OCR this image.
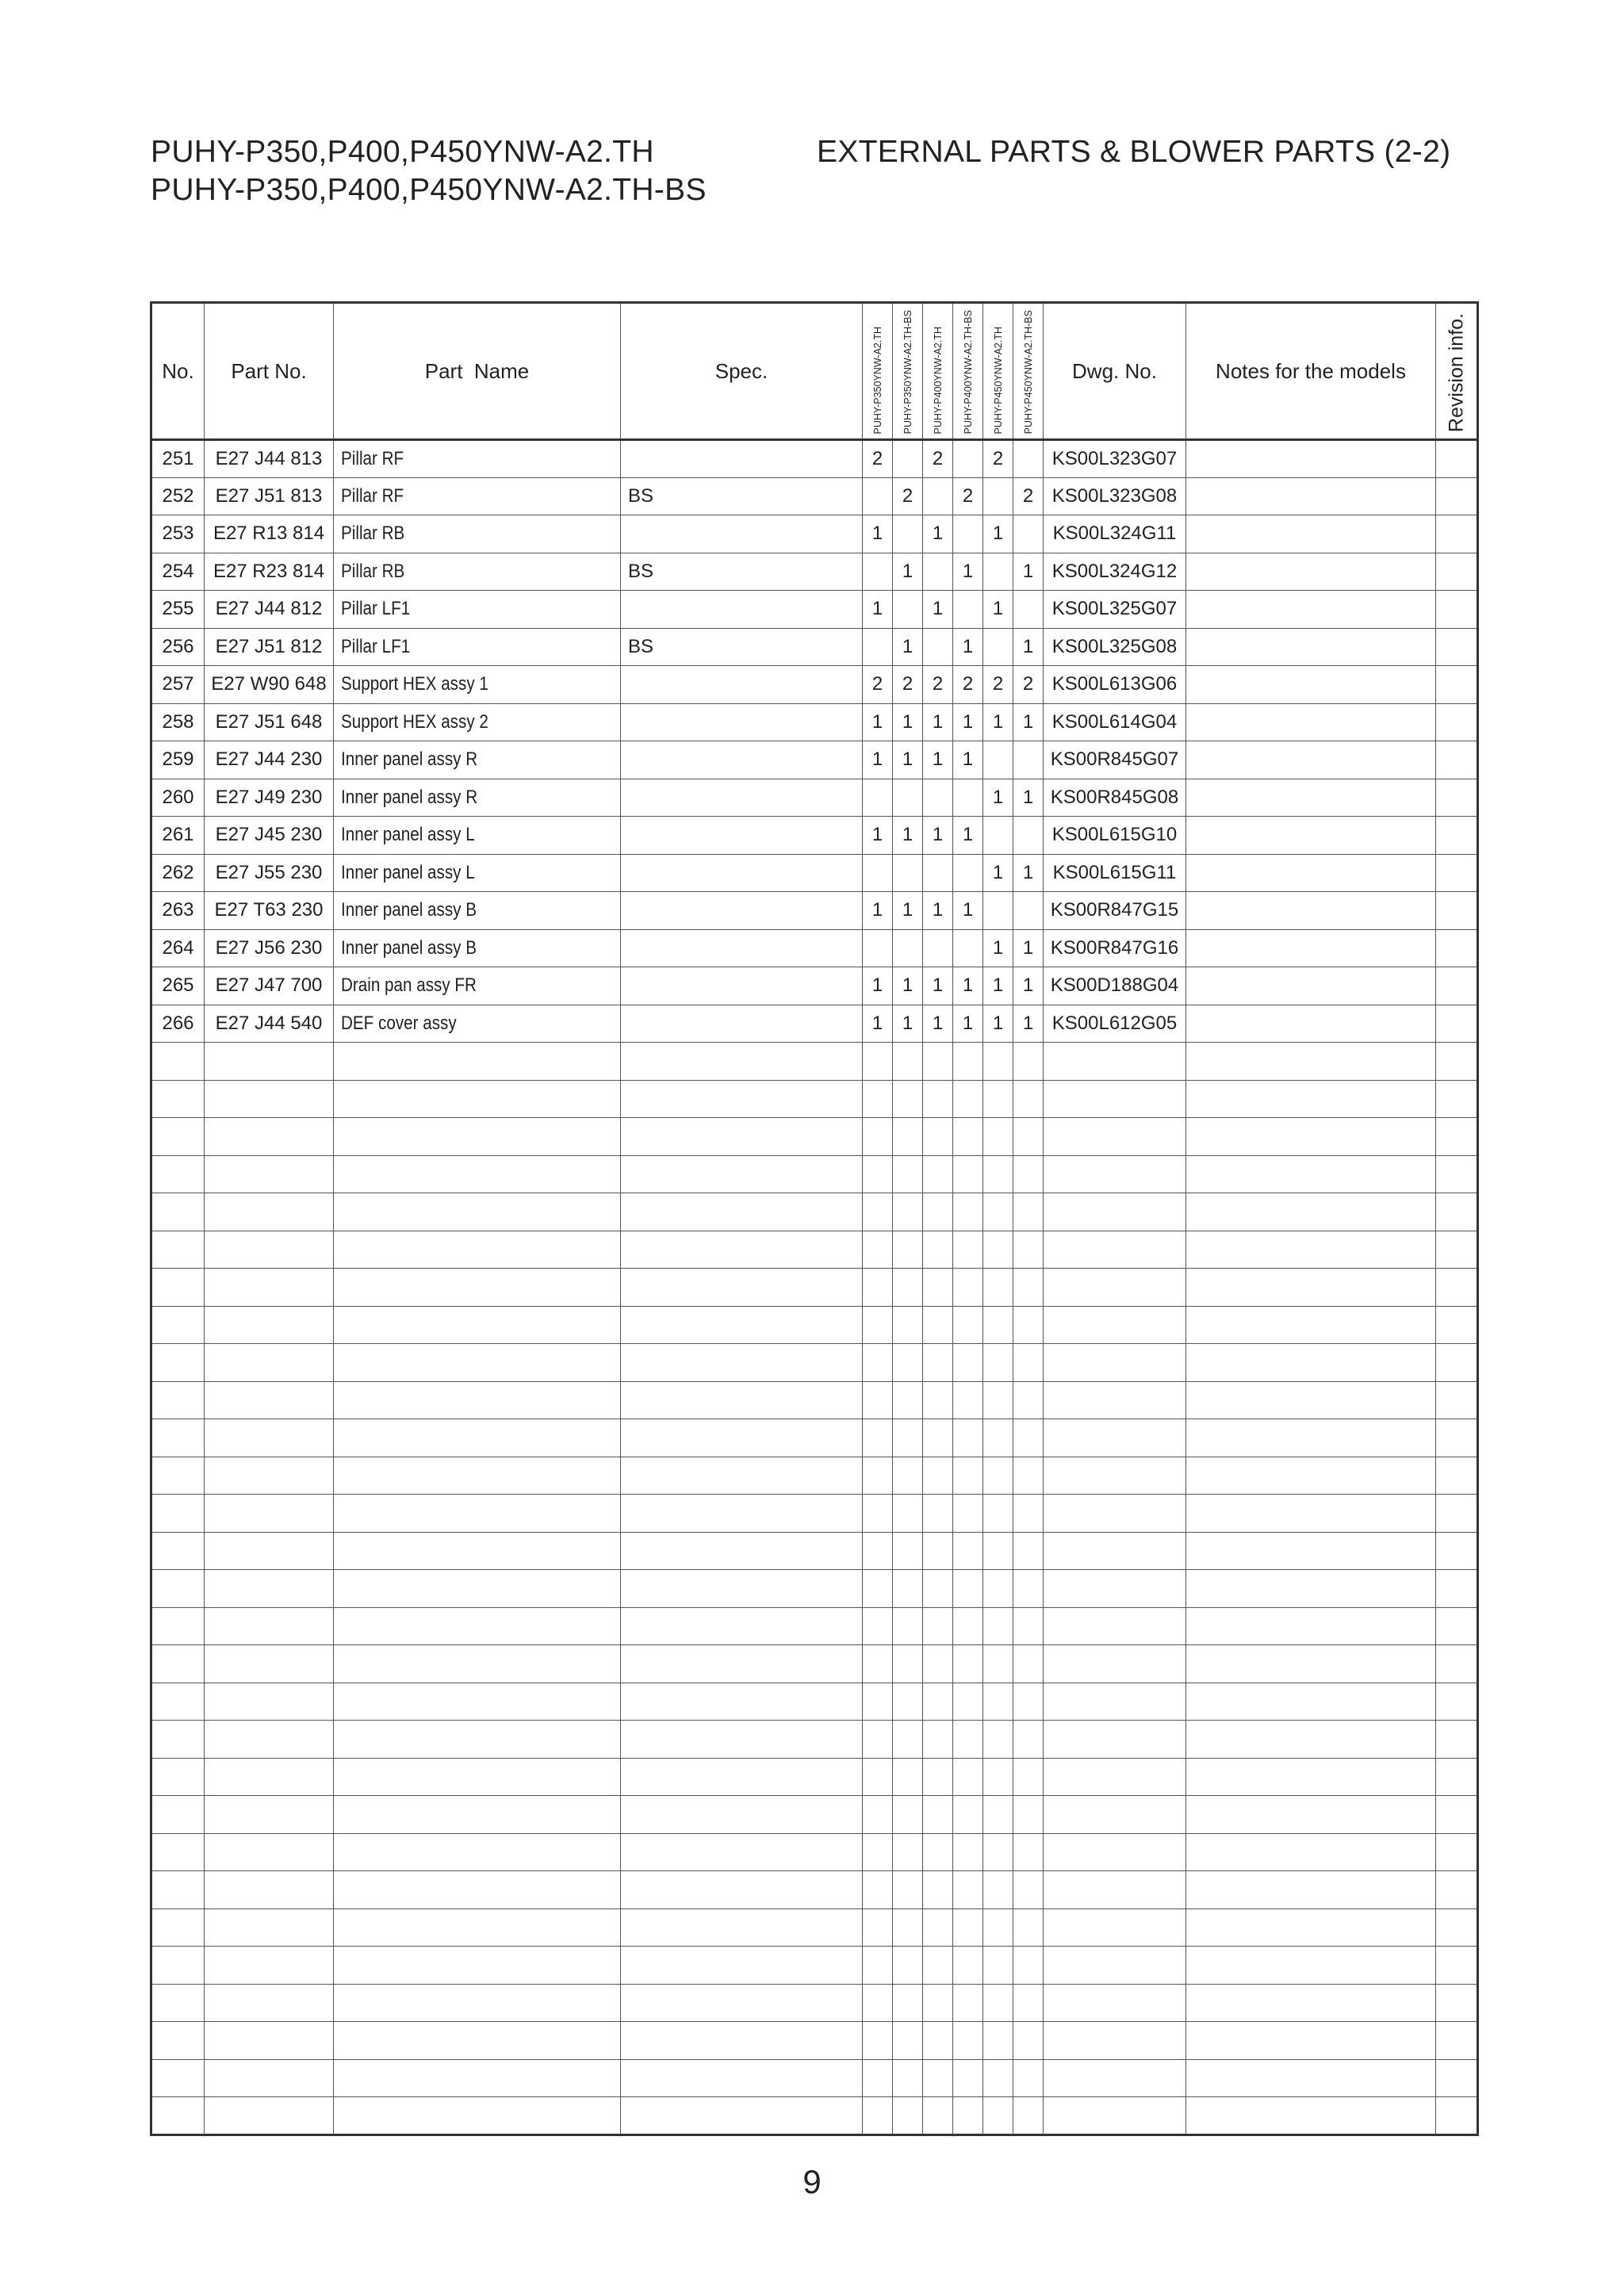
PUHY-P350,P400,P450YNW-A2.TH
PUHY-P350,P400,P450YNW-A2.TH-BS
EXTERNAL PARTS & BLOWER PARTS (2-2)
No.	Part No.	Part  Name	Spec.	PUHY-P350YNW-A2.TH	PUHY-P350YNW-A2.TH-BS	PUHY-P400YNW-A2.TH	PUHY-P400YNW-A2.TH-BS	PUHY-P450YNW-A2.TH	PUHY-P450YNW-A2.TH-BS	Dwg. No.	Notes for the models	Revision info.

251	E27 J44 813	Pillar RF		2		2		2		KS00L323G07		
252	E27 J51 813	Pillar RF	BS		2		2		2	KS00L323G08		
253	E27 R13 814	Pillar RB		1		1		1		KS00L324G11		
254	E27 R23 814	Pillar RB	BS		1		1		1	KS00L324G12		
255	E27 J44 812	Pillar LF1		1		1		1		KS00L325G07		
256	E27 J51 812	Pillar LF1	BS		1		1		1	KS00L325G08		
257	E27 W90 648	Support HEX assy 1		2	2	2	2	2	2	KS00L613G06		
258	E27 J51 648	Support HEX assy 2		1	1	1	1	1	1	KS00L614G04		
259	E27 J44 230	Inner panel assy R		1	1	1	1			KS00R845G07		
260	E27 J49 230	Inner panel assy R						1	1	KS00R845G08		
261	E27 J45 230	Inner panel assy L		1	1	1	1			KS00L615G10		
262	E27 J55 230	Inner panel assy L						1	1	KS00L615G11		
263	E27 T63 230	Inner panel assy B		1	1	1	1			KS00R847G15		
264	E27 J56 230	Inner panel assy B						1	1	KS00R847G16		
265	E27 J47 700	Drain pan assy FR		1	1	1	1	1	1	KS00D188G04		
266	E27 J44 540	DEF cover assy		1	1	1	1	1	1	KS00L612G05		

9
